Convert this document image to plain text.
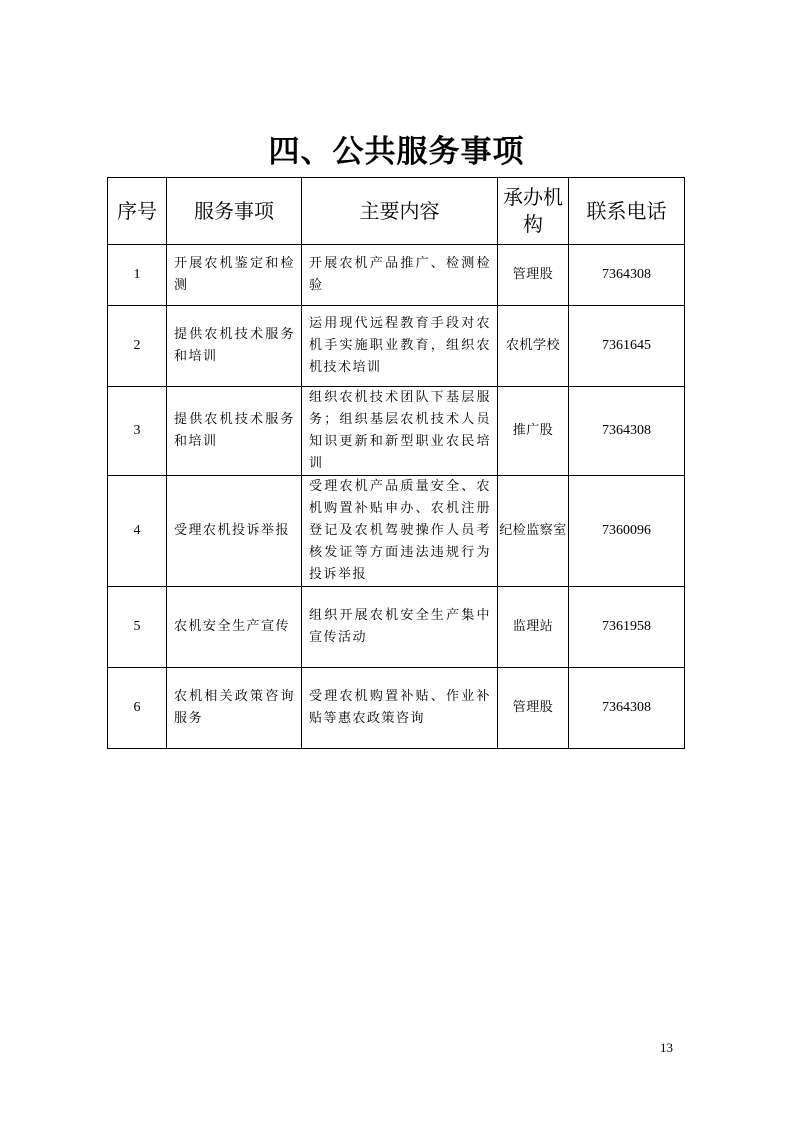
四、公共服务事项
序号	服务事项	主要内容	承办机构	联系电话
1	开展农机鉴定和检测	开展农机产品推广、检测检验	管理股	7364308
2	提供农机技术服务和培训	运用现代远程教育手段对农机手实施职业教育，组织农机技术培训	农机学校	7361645
3	提供农机技术服务和培训	组织农机技术团队下基层服务；组织基层农机技术人员知识更新和新型职业农民培训	推广股	7364308
4	受理农机投诉举报	受理农机产品质量安全、农机购置补贴申办、农机注册登记及农机驾驶操作人员考核发证等方面违法违规行为投诉举报	纪检监察室	7360096
5	农机安全生产宣传	组织开展农机安全生产集中宣传活动	监理站	7361958
6	农机相关政策咨询服务	受理农机购置补贴、作业补贴等惠农政策咨询	管理股	7364308
13
